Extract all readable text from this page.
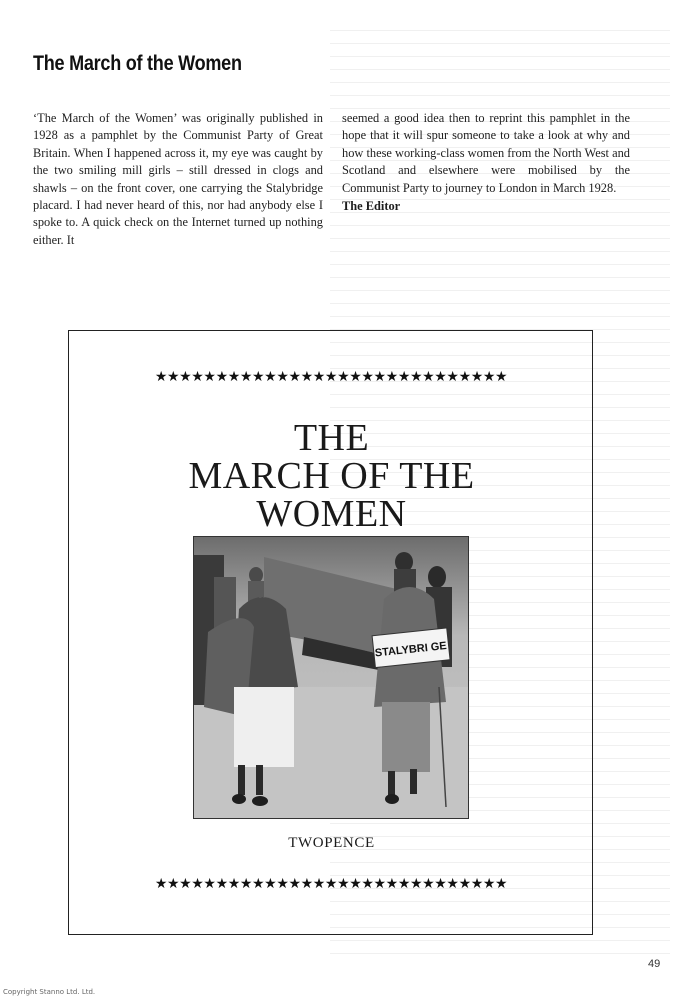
The March of the Women
‘The March of the Women’ was originally published in 1928 as a pamphlet by the Communist Party of Great Britain. When I happened across it, my eye was caught by the two smiling mill girls – still dressed in clogs and shawls – on the front cover, one carrying the Stalybridge placard. I had never heard of this, nor had anybody else I spoke to. A quick check on the Internet turned up nothing either. It
seemed a good idea then to reprint this pamphlet in the hope that it will spur someone to take a look at why and how these working-class women from the North West and Scotland and elsewhere were mobilised by the Communist Party to journey to London in March 1928.
The Editor
★★★★★★★★★★★★★★★★★★★★★★★★★★★★★
THE
MARCH OF THE
WOMEN
STALYBRI GE
TWOPENCE
★★★★★★★★★★★★★★★★★★★★★★★★★★★★★
49
Copyright Stanno Ltd. Ltd.
